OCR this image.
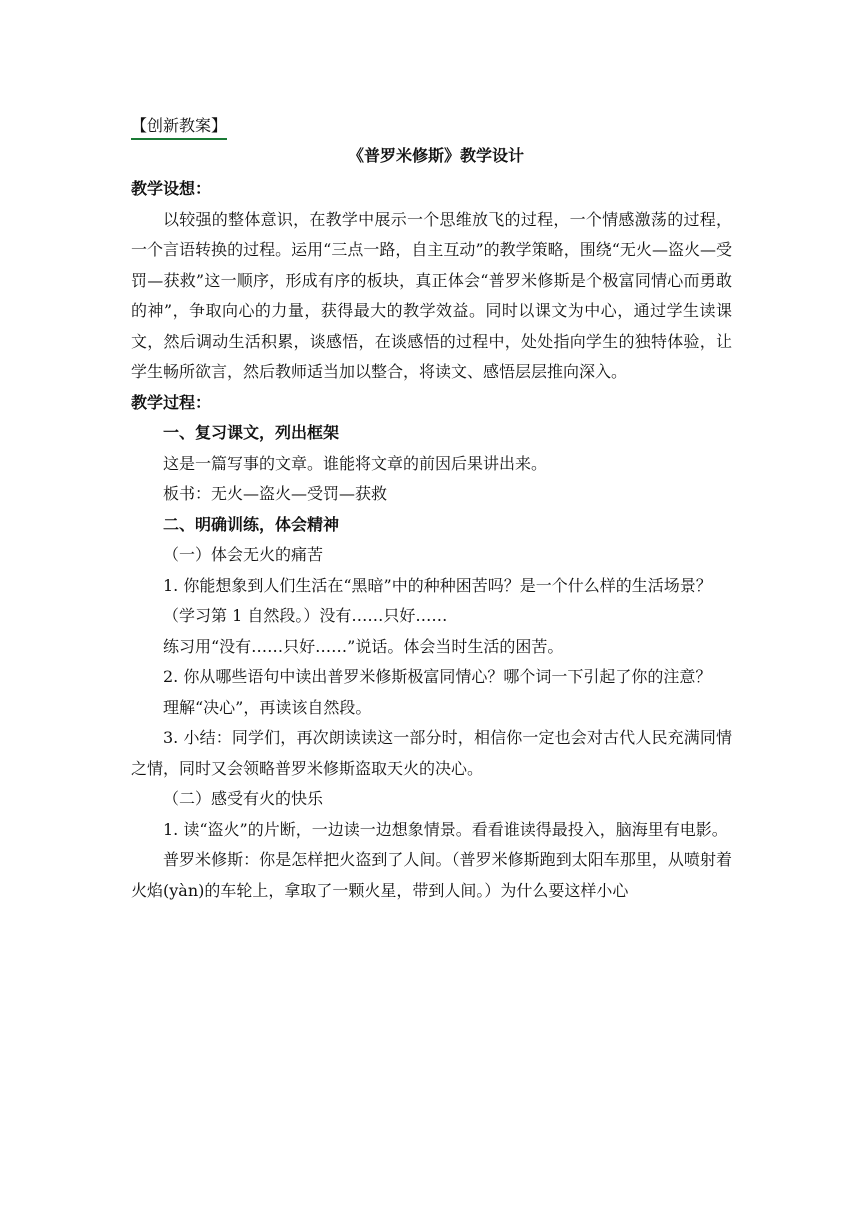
【创新教案】
《普罗米修斯》教学设计

教学设想：

以较强的整体意识，在教学中展示一个思维放飞的过程，一个情感激荡的过程，一个言语转换的过程。运用“三点一路，自主互动”的教学策略，围绕“无火—盗火—受罚—获救”这一顺序，形成有序的板块，真正体会“普罗米修斯是个极富同情心而勇敢的神”，争取向心的力量，获得最大的教学效益。同时以课文为中心，通过学生读课文，然后调动生活积累，谈感悟，在谈感悟的过程中，处处指向学生的独特体验，让学生畅所欲言，然后教师适当加以整合，将读文、感悟层层推向深入。

教学过程：

一、复习课文，列出框架

这是一篇写事的文章。谁能将文章的前因后果讲出来。

板书：无火—盗火—受罚—获救

二、明确训练，体会精神

（一）体会无火的痛苦

1. 你能想象到人们生活在“黑暗”中的种种困苦吗？是一个什么样的生活场景？

（学习第 1 自然段。）没有……只好……

练习用“没有……只好……”说话。体会当时生活的困苦。

2. 你从哪些语句中读出普罗米修斯极富同情心？哪个词一下引起了你的注意？

理解“决心”，再读该自然段。

3. 小结：同学们，再次朗读读这一部分时，相信你一定也会对古代人民充满同情之情，同时又会领略普罗米修斯盗取天火的决心。

（二）感受有火的快乐

1. 读“盗火”的片断，一边读一边想象情景。看看谁读得最投入，脑海里有电影。

普罗米修斯：你是怎样把火盗到了人间。（普罗米修斯跑到太阳车那里，从喷射着火焰(yàn)的车轮上，拿取了一颗火星，带到人间。）为什么要这样小心
